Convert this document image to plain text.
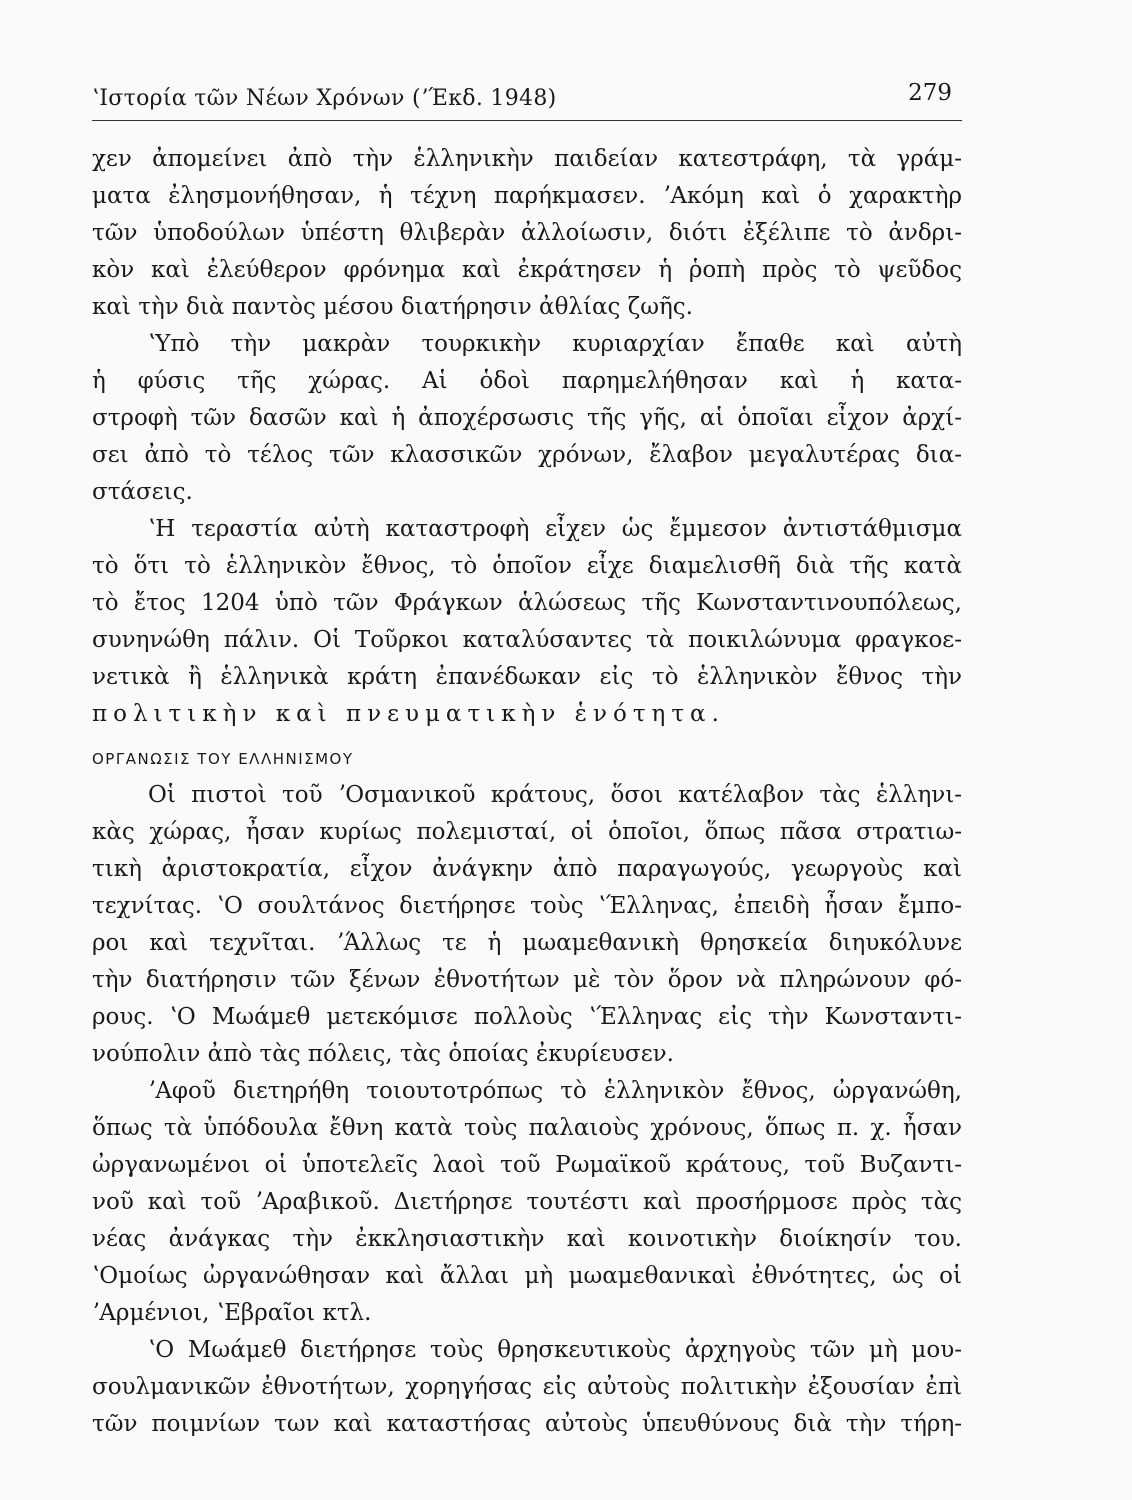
ʽΙστορία τῶν Νέων Χρόνων (ʼΈκδ. 1948)	279
χεν ἀπομείνει ἀπὸ τὴν ἑλληνικὴν παιδείαν κατεστράφη, τὰ γράμ-
ματα ἐλησμονήθησαν, ἡ τέχνη παρήκμασεν. ʼΑκόμη καὶ ὁ χαρακτὴρ
τῶν ὑποδούλων ὑπέστη θλιβερὰν ἀλλοίωσιν, διότι ἐξέλιπε τὸ ἀνδρι-
κὸν καὶ ἐλεύθερον φρόνημα καὶ ἐκράτησεν ἡ ῥοπὴ πρὸς τὸ ψεῦδος
καὶ τὴν διὰ παντὸς μέσου διατήρησιν ἀθλίας ζωῆς.
ʽΥπὸ τὴν μακρὰν τουρκικὴν κυριαρχίαν ἔπαθε καὶ αὐτὴ
ἡ φύσις τῆς χώρας. Αἱ ὁδοὶ παρημελήθησαν καὶ ἡ κατα-
στροφὴ τῶν δασῶν καὶ ἡ ἀποχέρσωσις τῆς γῆς, αἱ ὁποῖαι εἶχον ἀρχί-
σει ἀπὸ τὸ τέλος τῶν κλασσικῶν χρόνων, ἔλαβον μεγαλυτέρας δια-
στάσεις.
ʽΗ τεραστία αὐτὴ καταστροφὴ εἶχεν ὡς ἔμμεσον ἀντιστάθμισμα
τὸ ὅτι τὸ ἑλληνικὸν ἔθνος, τὸ ὁποῖον εἶχε διαμελισθῆ διὰ τῆς κατὰ
τὸ ἔτος 1204 ὑπὸ τῶν Φράγκων ἁλώσεως τῆς Κωνσταντινουπόλεως,
συνηνώθη πάλιν. Οἱ Τοῦρκοι καταλύσαντες τὰ ποικιλώνυμα φραγκοε-
νετικὰ ἢ ἑλληνικὰ κράτη ἐπανέδωκαν εἰς τὸ ἑλληνικὸν ἔθνος τὴν
πολιτικὴν καὶ πνευματικὴν ἑνότητα.
ΟΡΓΑΝΩΣΙΣ ΤΟΥ ΕΛΛΗΝΙΣΜΟΥ
Οἱ πιστοὶ τοῦ ʼΟσμανικοῦ κράτους, ὅσοι κατέλαβον τὰς ἑλληνι-
κὰς χώρας, ἦσαν κυρίως πολεμισταί, οἱ ὁποῖοι, ὅπως πᾶσα στρατιω-
τικὴ ἀριστοκρατία, εἶχον ἀνάγκην ἀπὸ παραγωγούς, γεωργοὺς καὶ
τεχνίτας. ʽΟ σουλτάνος διετήρησε τοὺς ʽΈλληνας, ἐπειδὴ ἦσαν ἔμπο-
ροι καὶ τεχνῖται. ʼΆλλως τε ἡ μωαμεθανικὴ θρησκεία διηυκόλυνε
τὴν διατήρησιν τῶν ξένων ἐθνοτήτων μὲ τὸν ὅρον νὰ πληρώνουν φό-
ρους. ʽΟ Μωάμεθ μετεκόμισε πολλοὺς ʽΈλληνας εἰς τὴν Κωνσταντι-
νούπολιν ἀπὸ τὰς πόλεις, τὰς ὁποίας ἐκυρίευσεν.
ʼΑφοῦ διετηρήθη τοιουτοτρόπως τὸ ἑλληνικὸν ἔθνος, ὠργανώθη,
ὅπως τὰ ὑπόδουλα ἔθνη κατὰ τοὺς παλαιοὺς χρόνους, ὅπως π. χ. ἦσαν
ὠργανωμένοι οἱ ὑποτελεῖς λαοὶ τοῦ Ρωμαϊκοῦ κράτους, τοῦ Βυζαντι-
νοῦ καὶ τοῦ ʼΑραβικοῦ. Διετήρησε τουτέστι καὶ προσήρμοσε πρὸς τὰς
νέας ἀνάγκας τὴν ἐκκλησιαστικὴν καὶ κοινοτικὴν διοίκησίν του.
ʽΟμοίως ὠργανώθησαν καὶ ἄλλαι μὴ μωαμεθανικαὶ ἐθνότητες, ὡς οἱ
ʼΑρμένιοι, ʽΕβραῖοι κτλ.
ʽΟ Μωάμεθ διετήρησε τοὺς θρησκευτικοὺς ἀρχηγοὺς τῶν μὴ μου-
σουλμανικῶν ἐθνοτήτων, χορηγήσας εἰς αὐτοὺς πολιτικὴν ἐξουσίαν ἐπὶ
τῶν ποιμνίων των καὶ καταστήσας αὐτοὺς ὑπευθύνους διὰ τὴν τήρη-
